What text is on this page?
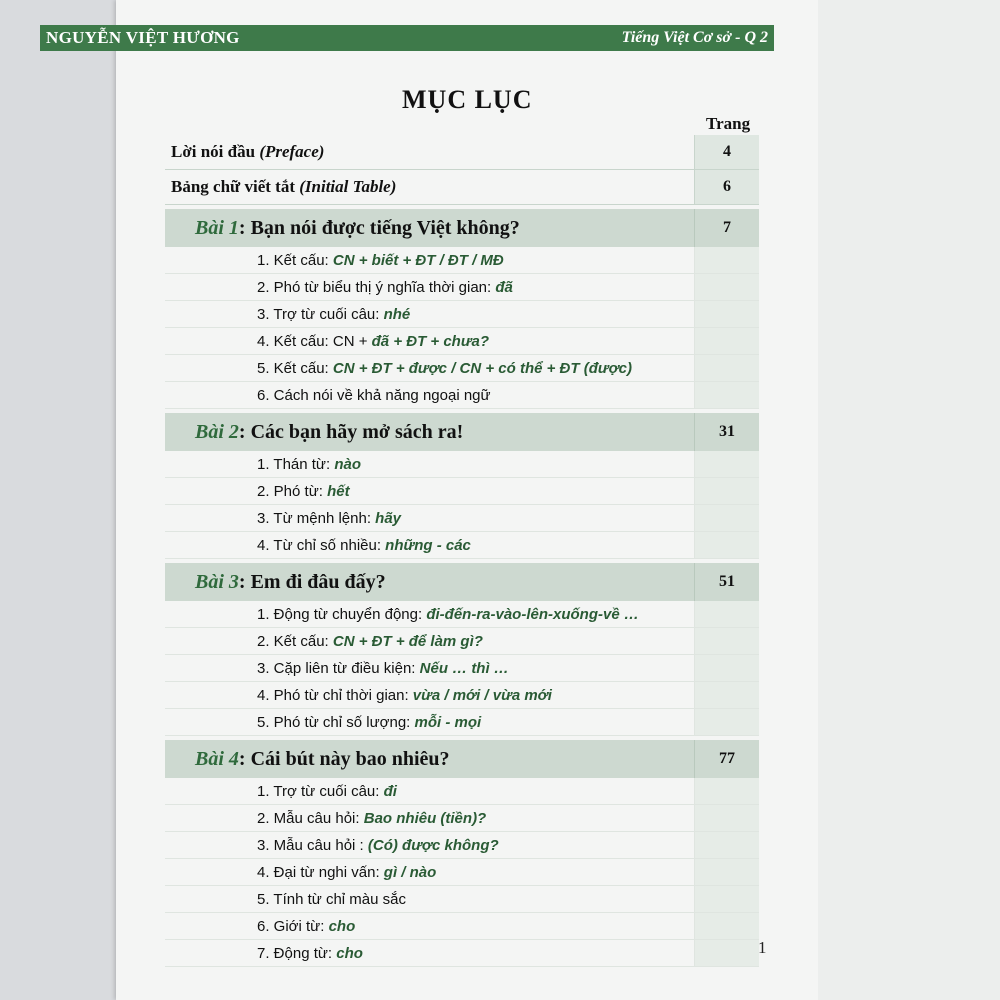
NGUYỄN VIỆT HƯƠNG	Tiếng Việt Cơ sở - Q 2
MỤC LỤC
Trang
Lời nói đầu (Preface)	4
Bảng chữ viết tắt (Initial Table)	6
Bài 1: Bạn nói được tiếng Việt không?	7
1. Kết cấu: CN + biết + ĐT / ĐT / MĐ
2. Phó từ biểu thị ý nghĩa thời gian: đã
3. Trợ từ cuối câu: nhé
4. Kết cấu: CN + đã + ĐT + chưa?
5. Kết cấu: CN + ĐT + được / CN + có thể + ĐT (được)
6. Cách nói về khả năng ngoại ngữ
Bài 2: Các bạn hãy mở sách ra!	31
1. Thán từ: nào
2. Phó từ: hết
3. Từ mệnh lệnh: hãy
4. Từ chỉ số nhiều: những - các
Bài 3: Em đi đâu đấy?	51
1. Động từ chuyển động: đi-đến-ra-vào-lên-xuống-về …
2. Kết cấu: CN + ĐT + để làm gì?
3. Cặp liên từ điều kiện: Nếu … thì …
4. Phó từ chỉ thời gian: vừa / mới / vừa mới
5. Phó từ chỉ số lượng: mỗi - mọi
Bài 4: Cái bút này bao nhiêu?	77
1. Trợ từ cuối câu: đi
2. Mẫu câu hỏi: Bao nhiêu (tiền)?
3. Mẫu câu hỏi : (Có) được không?
4. Đại từ nghi vấn: gì / nào
5. Tính từ chỉ màu sắc
6. Giới từ: cho
7. Động từ: cho	1
